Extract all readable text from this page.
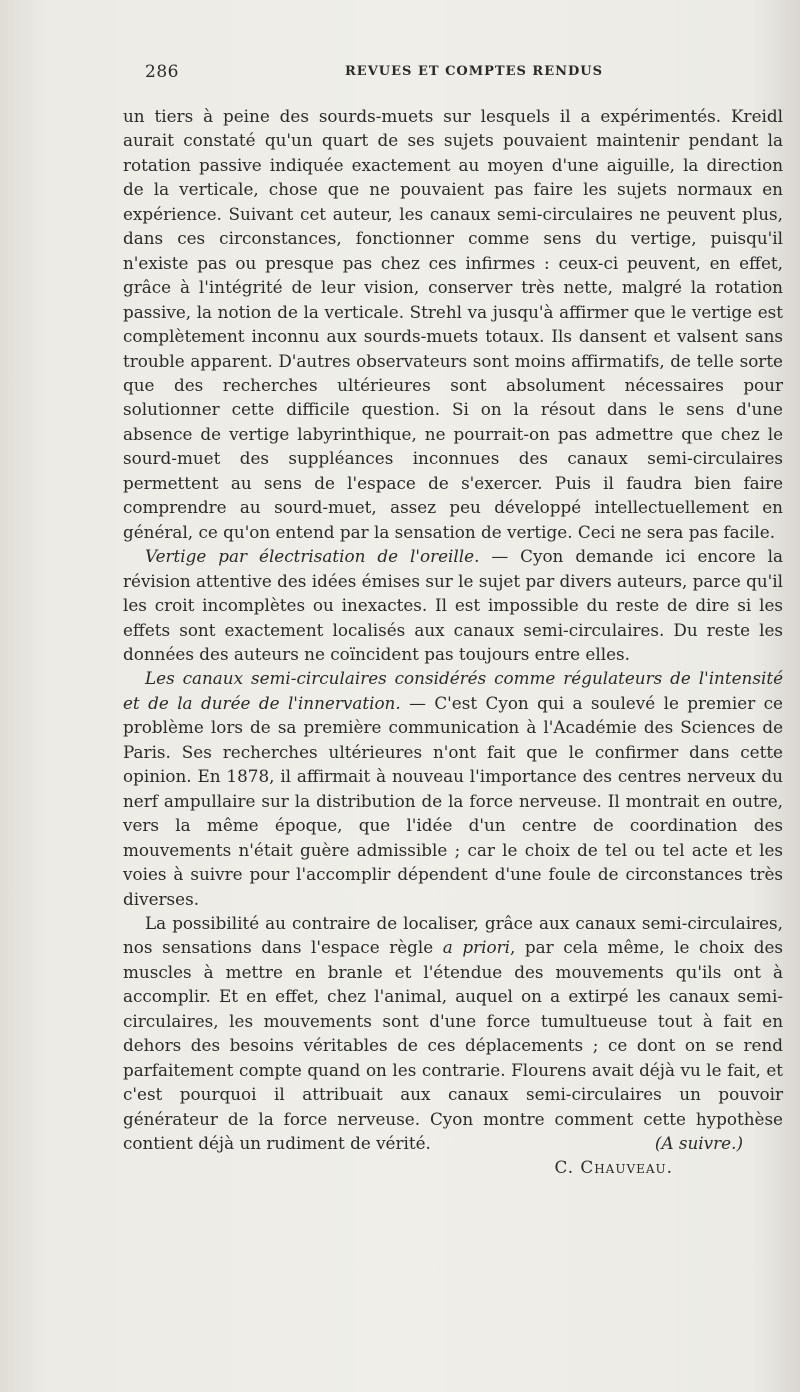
286	REVUES ET COMPTES RENDUS

un tiers à peine des sourds-muets sur lesquels il a expérimentés. Kreidl aurait constaté qu'un quart de ses sujets pouvaient maintenir pendant la rotation passive indiquée exactement au moyen d'une aiguille, la direction de la verticale, chose que ne pouvaient pas faire les sujets normaux en expérience. Suivant cet auteur, les canaux semi-circulaires ne peuvent plus, dans ces circonstances, fonctionner comme sens du vertige, puisqu'il n'existe pas ou presque pas chez ces infirmes : ceux-ci peuvent, en effet, grâce à l'intégrité de leur vision, conserver très nette, malgré la rotation passive, la notion de la verticale. Strehl va jusqu'à affirmer que le vertige est complètement inconnu aux sourds-muets totaux. Ils dansent et valsent sans trouble apparent. D'autres observateurs sont moins affirmatifs, de telle sorte que des recherches ultérieures sont absolument nécessaires pour solutionner cette difficile question. Si on la résout dans le sens d'une absence de vertige labyrinthique, ne pourrait-on pas admettre que chez le sourd-muet des suppléances inconnues des canaux semi-circulaires permettent au sens de l'espace de s'exercer. Puis il faudra bien faire comprendre au sourd-muet, assez peu développé intellectuellement en général, ce qu'on entend par la sensation de vertige. Ceci ne sera pas facile.

Vertige par électrisation de l'oreille. — Cyon demande ici encore la révision attentive des idées émises sur le sujet par divers auteurs, parce qu'il les croit incomplètes ou inexactes. Il est impossible du reste de dire si les effets sont exactement localisés aux canaux semi-circulaires. Du reste les données des auteurs ne coïncident pas toujours entre elles.

Les canaux semi-circulaires considérés comme régulateurs de l'intensité et de la durée de l'innervation. — C'est Cyon qui a soulevé le premier ce problème lors de sa première communication à l'Académie des Sciences de Paris. Ses recherches ultérieures n'ont fait que le confirmer dans cette opinion. En 1878, il affirmait à nouveau l'importance des centres nerveux du nerf ampullaire sur la distribution de la force nerveuse. Il montrait en outre, vers la même époque, que l'idée d'un centre de coordination des mouvements n'était guère admissible ; car le choix de tel ou tel acte et les voies à suivre pour l'accomplir dépendent d'une foule de circonstances très diverses.

La possibilité au contraire de localiser, grâce aux canaux semi-circulaires, nos sensations dans l'espace règle a priori, par cela même, le choix des muscles à mettre en branle et l'étendue des mouvements qu'ils ont à accomplir. Et en effet, chez l'animal, auquel on a extirpé les canaux semi-circulaires, les mouvements sont d'une force tumultueuse tout à fait en dehors des besoins véritables de ces déplacements ; ce dont on se rend parfaitement compte quand on les contrarie. Flourens avait déjà vu le fait, et c'est pourquoi il attribuait aux canaux semi-circulaires un pouvoir générateur de la force nerveuse. Cyon montre comment cette hypothèse contient déjà un rudiment de vérité.	(A suivre.)

C. Chauveau.
